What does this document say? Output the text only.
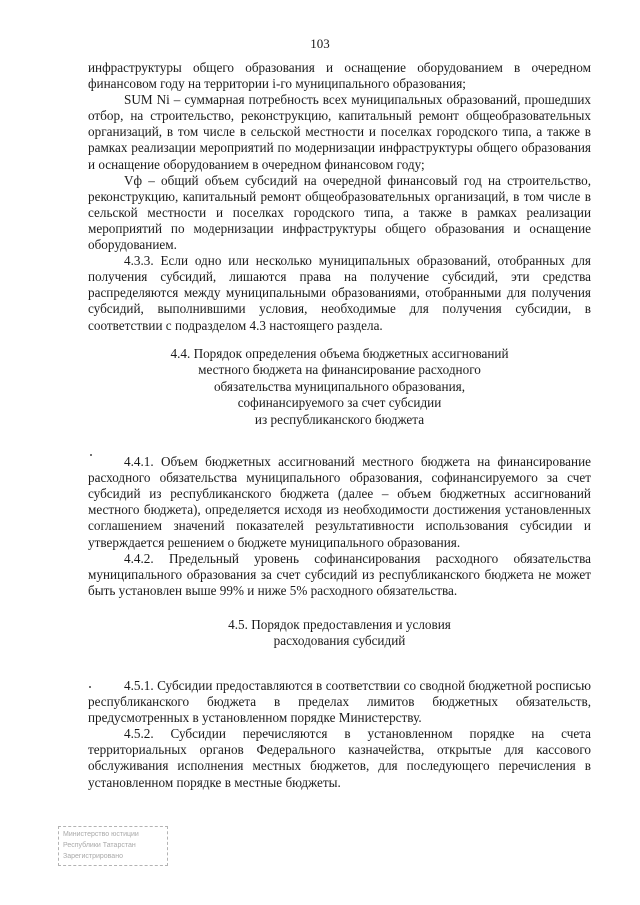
103

инфраструктуры общего образования и оснащение оборудованием в очередном финансовом году на территории i-го муниципального образования;

SUM Ni – суммарная потребность всех муниципальных образований, прошедших отбор, на строительство, реконструкцию, капитальный ремонт общеобразовательных организаций, в том числе в сельской местности и поселках городского типа, а также в рамках реализации мероприятий по модернизации инфраструктуры общего образования и оснащение оборудованием в очередном финансовом году;

Vф – общий объем субсидий на очередной финансовый год на строительство, реконструкцию, капитальный ремонт общеобразовательных организаций, в том числе в сельской местности и поселках городского типа, а также в рамках реализации мероприятий по модернизации инфраструктуры общего образования и оснащение оборудованием.

4.3.3. Если одно или несколько муниципальных образований, отобранных для получения субсидий, лишаются права на получение субсидий, эти средства распределяются между муниципальными образованиями, отобранными для получения субсидий, выполнившими условия, необходимые для получения субсидии, в соответствии с подразделом 4.3 настоящего раздела.

4.4. Порядок определения объема бюджетных ассигнований
местного бюджета на финансирование расходного
обязательства муниципального образования,
софинансируемого за счет субсидии
из республиканского бюджета

4.4.1. Объем бюджетных ассигнований местного бюджета на финансирование расходного обязательства муниципального образования, софинансируемого за счет субсидий из республиканского бюджета (далее – объем бюджетных ассигнований местного бюджета), определяется исходя из необходимости достижения установленных соглашением значений показателей результативности использования субсидии и утверждается решением о бюджете муниципального образования.

4.4.2. Предельный уровень софинансирования расходного обязательства муниципального образования за счет субсидий из республиканского бюджета не может быть установлен выше 99% и ниже 5% расходного обязательства.

4.5. Порядок предоставления и условия
расходования субсидий

4.5.1. Субсидии предоставляются в соответствии со сводной бюджетной росписью республиканского бюджета в пределах лимитов бюджетных обязательств, предусмотренных в установленном порядке Министерству.

4.5.2. Субсидии перечисляются в установленном порядке на счета территориальных органов Федерального казначейства, открытые для кассового обслуживания исполнения местных бюджетов, для последующего перечисления в установленном порядке в местные бюджеты.

Министерство юстиции
Республики Татарстан
Зарегистрировано
